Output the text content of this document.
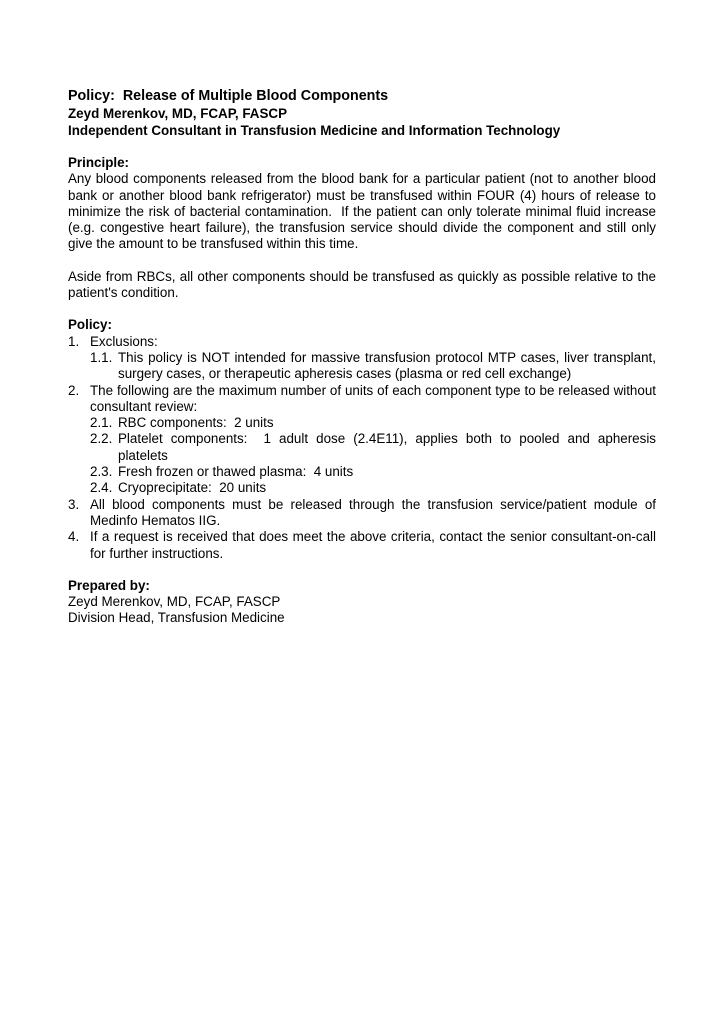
Policy:  Release of Multiple Blood Components
Zeyd Merenkov, MD, FCAP, FASCP
Independent Consultant in Transfusion Medicine and Information Technology
Principle:

Any blood components released from the blood bank for a particular patient (not to another blood bank or another blood bank refrigerator) must be transfused within FOUR (4) hours of release to minimize the risk of bacterial contamination.  If the patient can only tolerate minimal fluid increase (e.g. congestive heart failure), the transfusion service should divide the component and still only give the amount to be transfused within this time.

Aside from RBCs, all other components should be transfused as quickly as possible relative to the patient's condition.

Policy:
1. Exclusions:
1.1. This policy is NOT intended for massive transfusion protocol MTP cases, liver transplant, surgery cases, or therapeutic apheresis cases (plasma or red cell exchange)
2. The following are the maximum number of units of each component type to be released without consultant review:
2.1. RBC components:  2 units
2.2. Platelet components:  1 adult dose (2.4E11), applies both to pooled and apheresis platelets
2.3. Fresh frozen or thawed plasma:  4 units
2.4. Cryoprecipitate:  20 units
3. All blood components must be released through the transfusion service/patient module of Medinfo Hematos IIG.
4. If a request is received that does meet the above criteria, contact the senior consultant-on-call for further instructions.
Prepared by:
Zeyd Merenkov, MD, FCAP, FASCP
Division Head, Transfusion Medicine
